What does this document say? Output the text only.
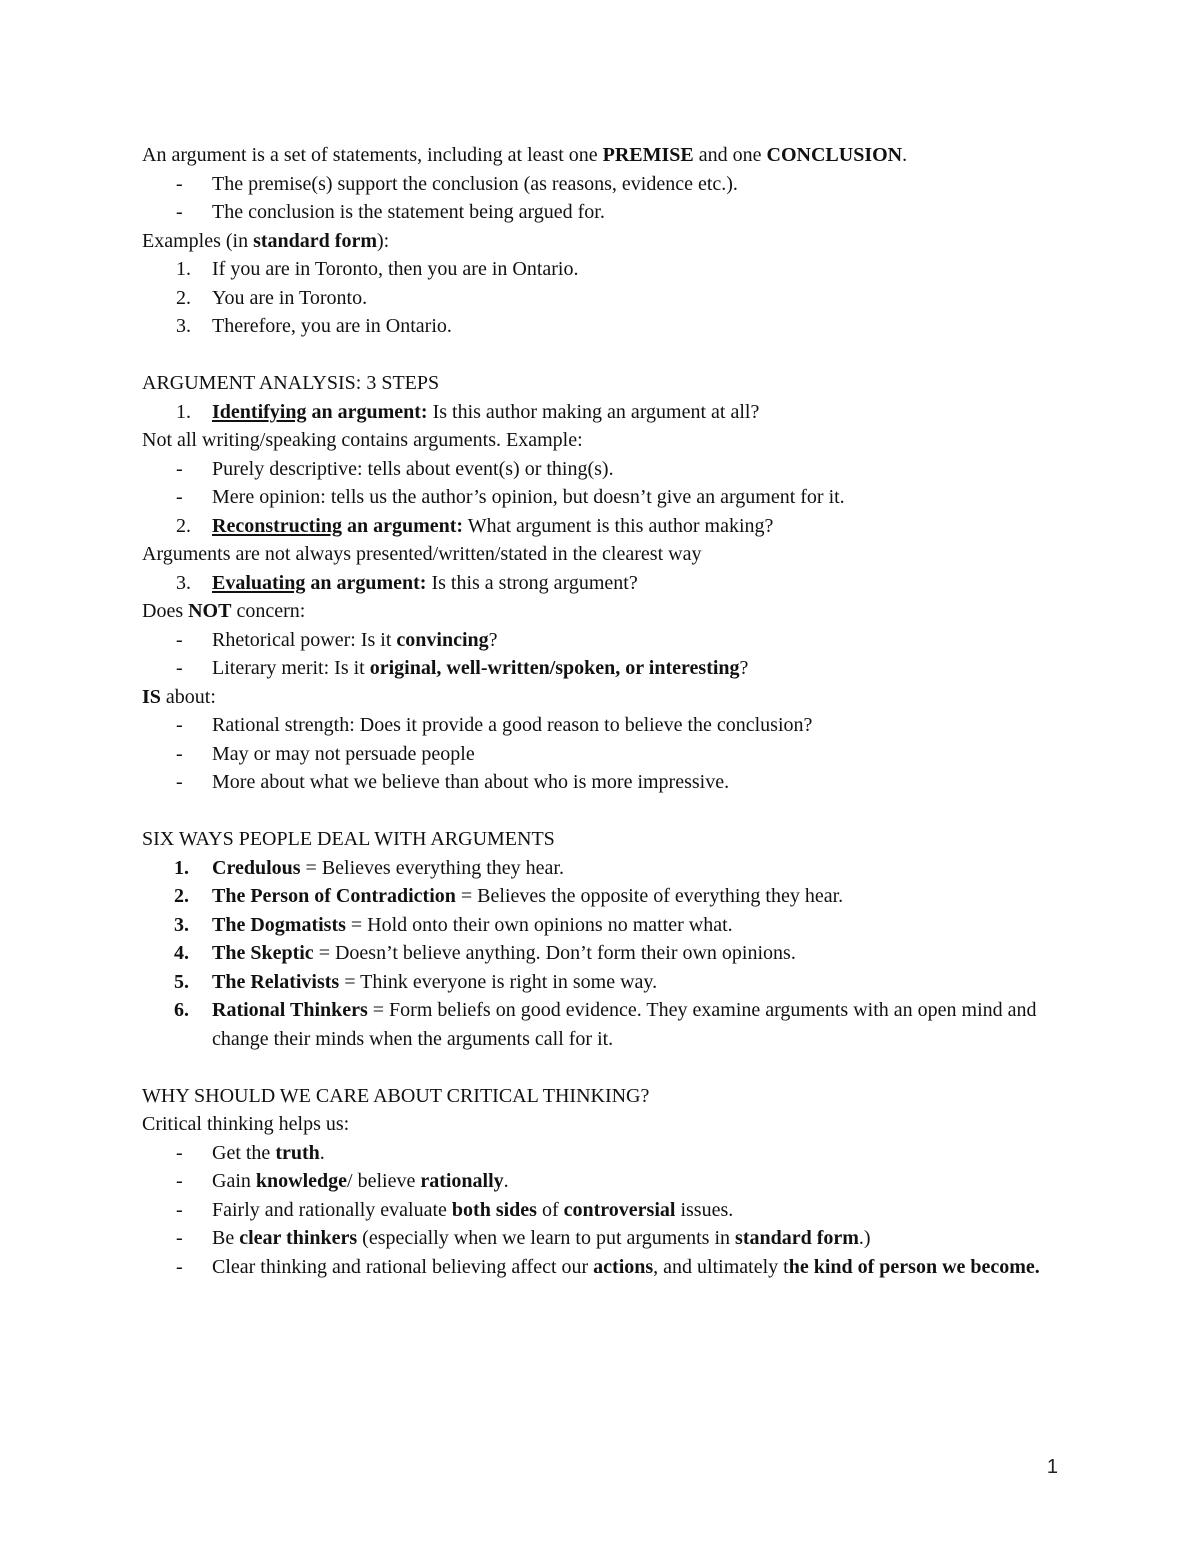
An argument is a set of statements, including at least one PREMISE and one CONCLUSION.
- The premise(s) support the conclusion (as reasons, evidence etc.).
- The conclusion is the statement being argued for.
Examples (in standard form):
1. If you are in Toronto, then you are in Ontario.
2. You are in Toronto.
3. Therefore, you are in Ontario.
ARGUMENT ANALYSIS: 3 STEPS
1. Identifying an argument: Is this author making an argument at all?
Not all writing/speaking contains arguments. Example:
- Purely descriptive: tells about event(s) or thing(s).
- Mere opinion: tells us the author’s opinion, but doesn’t give an argument for it.
2. Reconstructing an argument: What argument is this author making?
Arguments are not always presented/written/stated in the clearest way
3. Evaluating an argument: Is this a strong argument?
Does NOT concern:
- Rhetorical power: Is it convincing?
- Literary merit: Is it original, well-written/spoken, or interesting?
IS about:
- Rational strength: Does it provide a good reason to believe the conclusion?
- May or may not persuade people
- More about what we believe than about who is more impressive.
SIX WAYS PEOPLE DEAL WITH ARGUMENTS
1. Credulous = Believes everything they hear.
2. The Person of Contradiction = Believes the opposite of everything they hear.
3. The Dogmatists = Hold onto their own opinions no matter what.
4. The Skeptic = Doesn’t believe anything. Don’t form their own opinions.
5. The Relativists = Think everyone is right in some way.
6. Rational Thinkers = Form beliefs on good evidence. They examine arguments with an open mind and change their minds when the arguments call for it.
WHY SHOULD WE CARE ABOUT CRITICAL THINKING?
Critical thinking helps us:
- Get the truth.
- Gain knowledge/ believe rationally.
- Fairly and rationally evaluate both sides of controversial issues.
- Be clear thinkers (especially when we learn to put arguments in standard form.)
- Clear thinking and rational believing affect our actions, and ultimately the kind of person we become.
1
